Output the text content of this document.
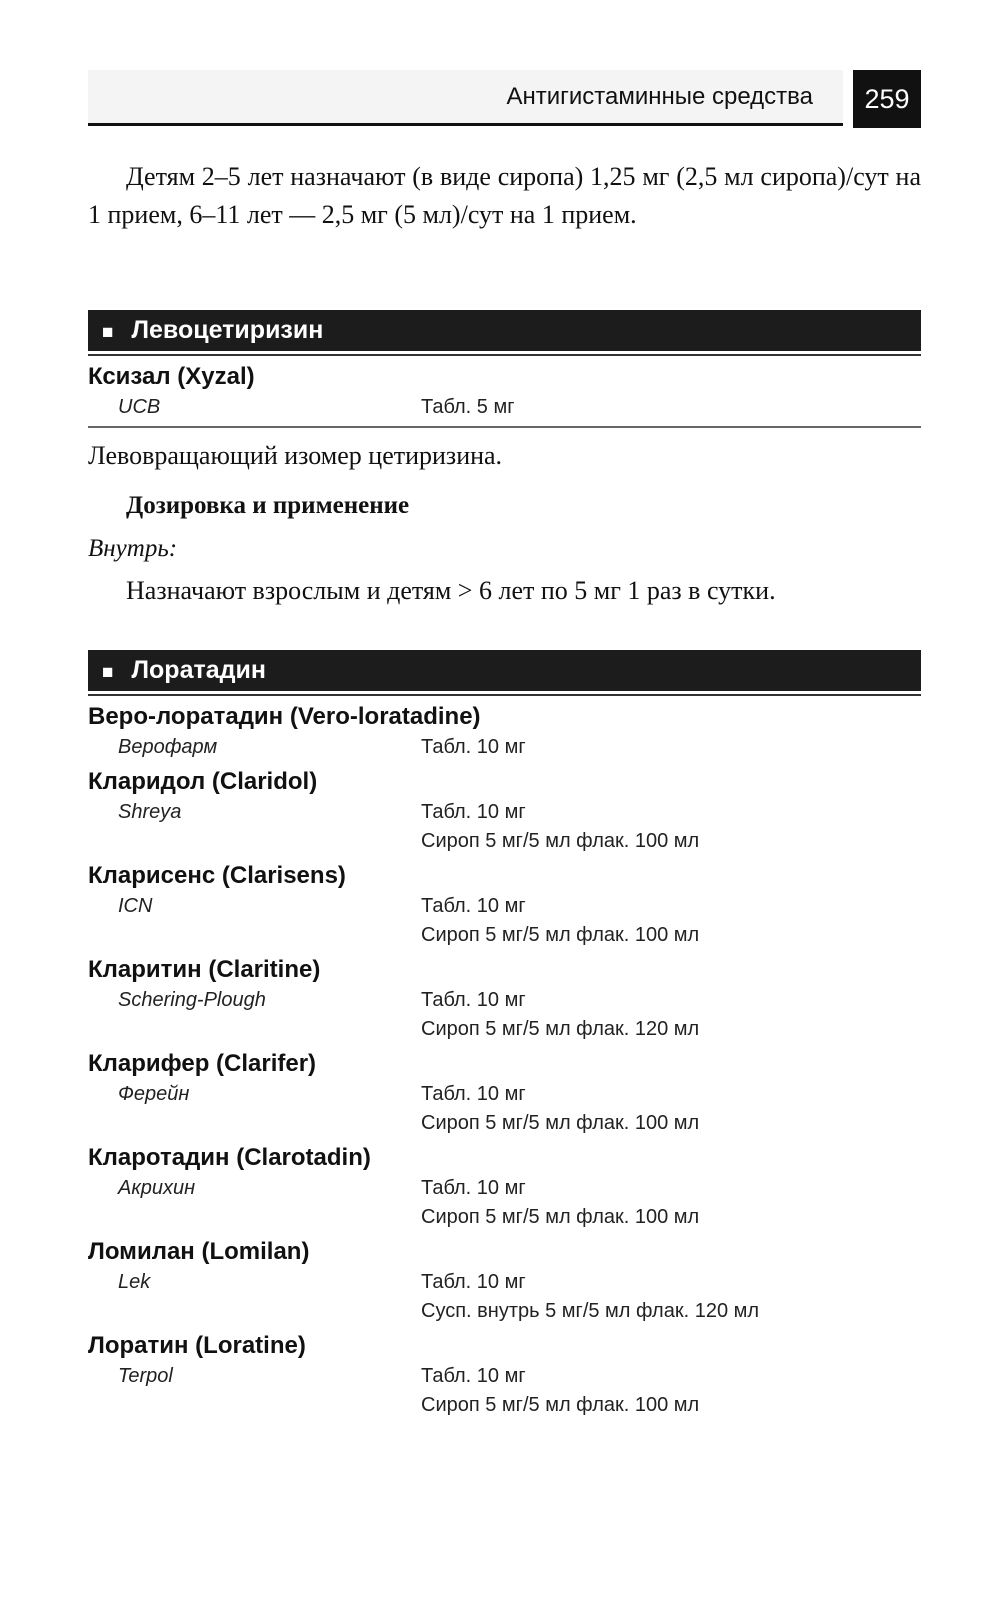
Антигистаминные средства	259
Детям 2–5 лет назначают (в виде сиропа) 1,25 мг (2,5 мл сиропа)/сут на 1 прием, 6–11 лет — 2,5 мг (5 мл)/сут на 1 прием.
■ Левоцетиризин
Ксизал (Xyzal)
UCB	Табл. 5 мг
Левовращающий изомер цетиризина.
Дозировка и применение
Внутрь:
Назначают взрослым и детям > 6 лет по 5 мг 1 раз в сутки.
■ Лоратадин
Веро-лоратадин (Vero-loratadine)
Верофарм	Табл. 10 мг
Кларидол (Claridol)
Shreya	Табл. 10 мг
Сироп 5 мг/5 мл флак. 100 мл
Кларисенс (Clarisens)
ICN	Табл. 10 мг
Сироп 5 мг/5 мл флак. 100 мл
Кларитин (Claritine)
Schering-Plough	Табл. 10 мг
Сироп 5 мг/5 мл флак. 120 мл
Кларифер (Clarifer)
Ферейн	Табл. 10 мг
Сироп 5 мг/5 мл флак. 100 мл
Кларотадин (Clarotadin)
Акрихин	Табл. 10 мг
Сироп 5 мг/5 мл флак. 100 мл
Ломилан (Lomilan)
Lek	Табл. 10 мг
Сусп. внутрь 5 мг/5 мл флак. 120 мл
Лоратин (Loratine)
Terpol	Табл. 10 мг
Сироп 5 мг/5 мл флак. 100 мл
